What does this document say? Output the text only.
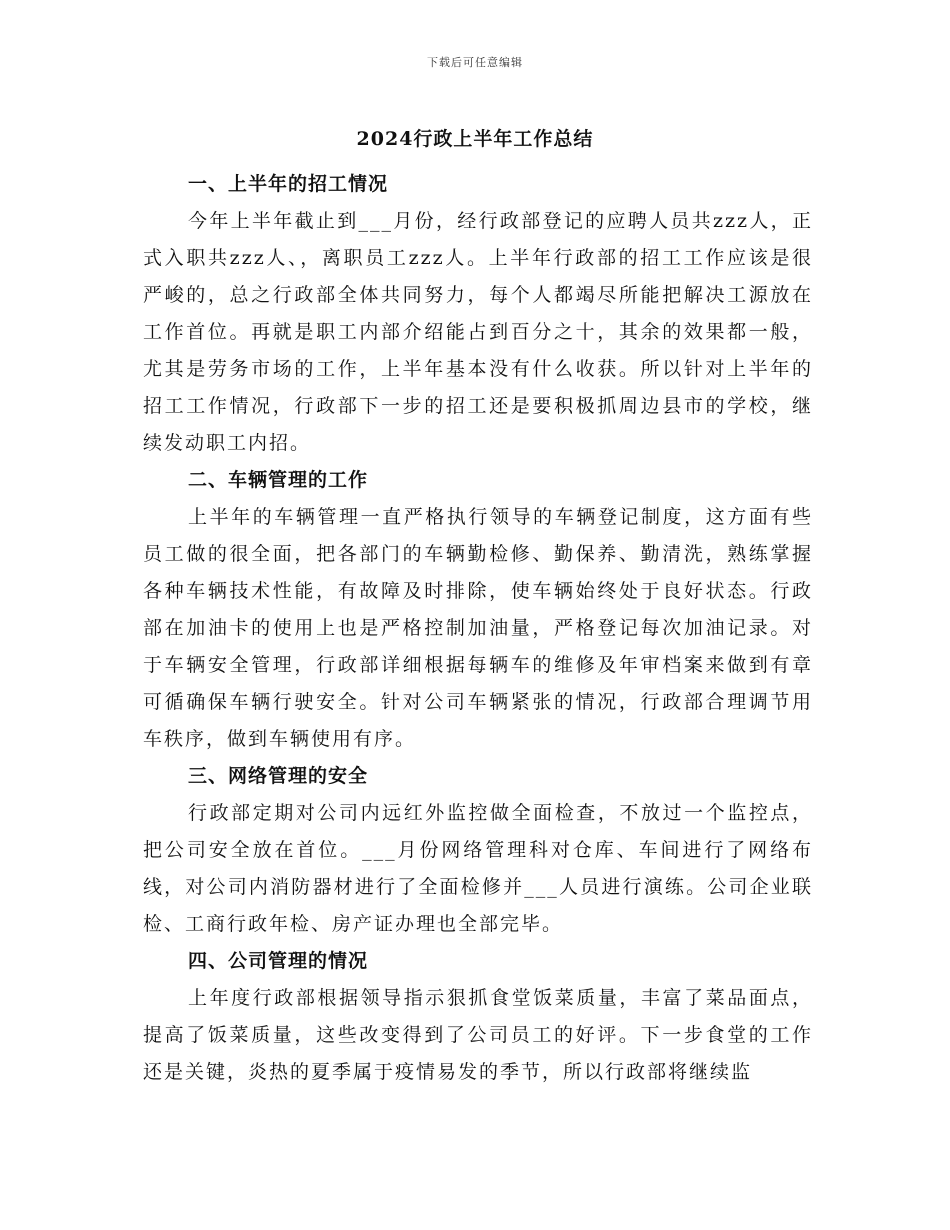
下载后可任意编辑
2024行政上半年工作总结
一、上半年的招工情况

今年上半年截止到___月份，经行政部登记的应聘人员共zzz人，正式入职共zzz人、，离职员工zzz人。上半年行政部的招工工作应该是很严峻的，总之行政部全体共同努力，每个人都竭尽所能把解决工源放在工作首位。再就是职工内部介绍能占到百分之十，其余的效果都一般，尤其是劳务市场的工作，上半年基本没有什么收获。所以针对上半年的招工工作情况，行政部下一步的招工还是要积极抓周边县市的学校，继续发动职工内招。

二、车辆管理的工作

上半年的车辆管理一直严格执行领导的车辆登记制度，这方面有些员工做的很全面，把各部门的车辆勤检修、勤保养、勤清洗，熟练掌握各种车辆技术性能，有故障及时排除，使车辆始终处于良好状态。行政部在加油卡的使用上也是严格控制加油量，严格登记每次加油记录。对于车辆安全管理，行政部详细根据每辆车的维修及年审档案来做到有章可循确保车辆行驶安全。针对公司车辆紧张的情况，行政部合理调节用车秩序，做到车辆使用有序。

三、网络管理的安全

行政部定期对公司内远红外监控做全面检查，不放过一个监控点，把公司安全放在首位。___月份网络管理科对仓库、车间进行了网络布线，对公司内消防器材进行了全面检修并___人员进行演练。公司企业联检、工商行政年检、房产证办理也全部完毕。

四、公司管理的情况

上年度行政部根据领导指示狠抓食堂饭菜质量，丰富了菜品面点，提高了饭菜质量，这些改变得到了公司员工的好评。下一步食堂的工作还是关键，炎热的夏季属于疫情易发的季节，所以行政部将继续监
